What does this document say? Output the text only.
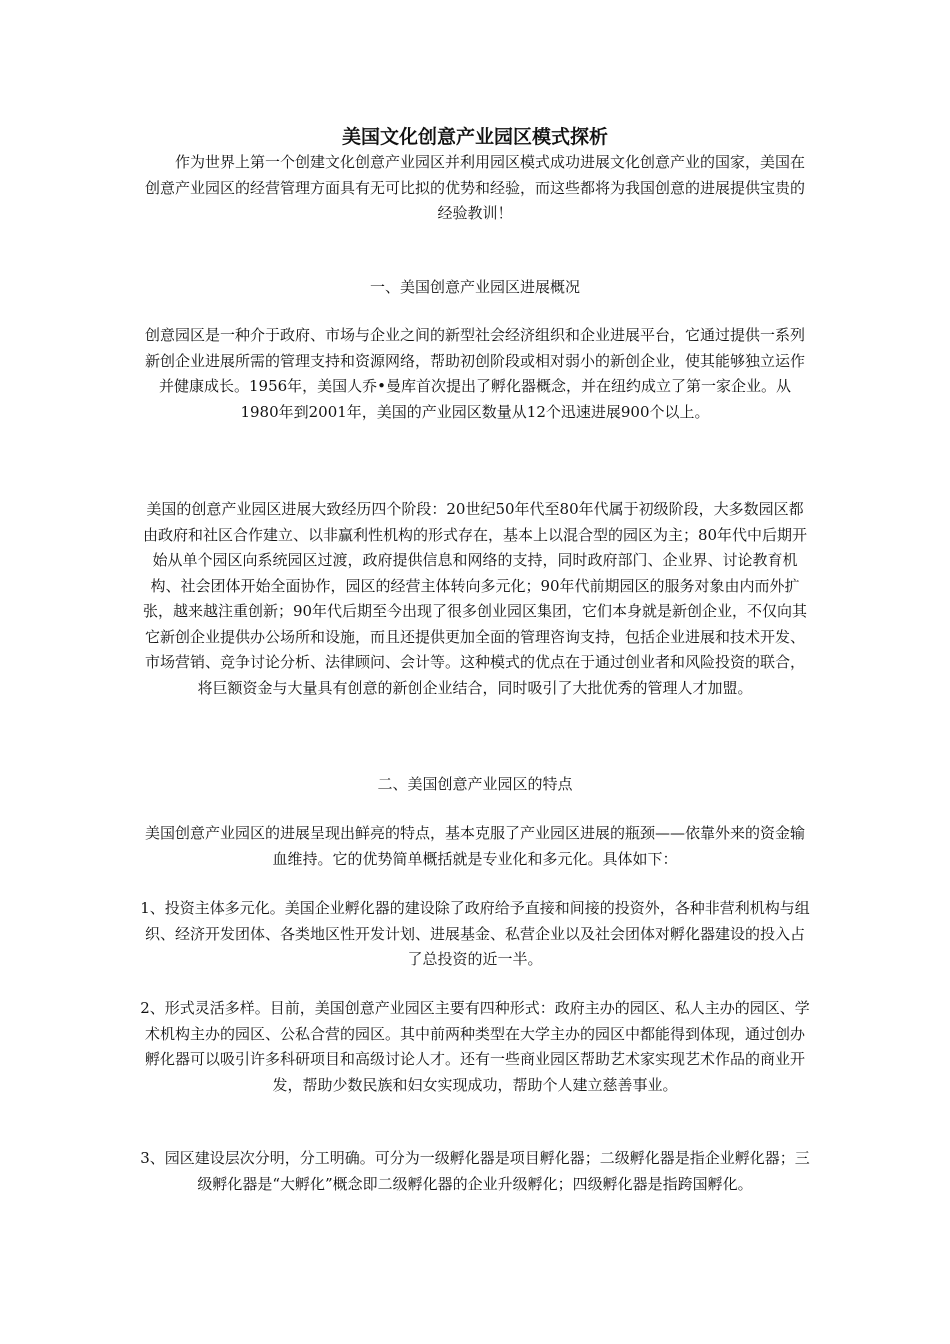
美国文化创意产业园区模式探析

作为世界上第一个创建文化创意产业园区并利用园区模式成功进展文化创意产业的国家，美国在创意产业园区的经营管理方面具有无可比拟的优势和经验，而这些都将为我国创意的进展提供宝贵的经验教训！

一、美国创意产业园区进展概况

创意园区是一种介于政府、市场与企业之间的新型社会经济组织和企业进展平台，它通过提供一系列新创企业进展所需的管理支持和资源网络，帮助初创阶段或相对弱小的新创企业，使其能够独立运作并健康成长。1956年，美国人乔•曼库首次提出了孵化器概念，并在纽约成立了第一家企业。从1980年到2001年，美国的产业园区数量从12个迅速进展900个以上。

美国的创意产业园区进展大致经历四个阶段：20世纪50年代至80年代属于初级阶段，大多数园区都由政府和社区合作建立、以非赢利性机构的形式存在，基本上以混合型的园区为主；80年代中后期开始从单个园区向系统园区过渡，政府提供信息和网络的支持，同时政府部门、企业界、讨论教育机构、社会团体开始全面协作，园区的经营主体转向多元化；90年代前期园区的服务对象由内而外扩张，越来越注重创新；90年代后期至今出现了很多创业园区集团，它们本身就是新创企业，不仅向其它新创企业提供办公场所和设施，而且还提供更加全面的管理咨询支持，包括企业进展和技术开发、市场营销、竞争讨论分析、法律顾问、会计等。这种模式的优点在于通过创业者和风险投资的联合，将巨额资金与大量具有创意的新创企业结合，同时吸引了大批优秀的管理人才加盟。

二、美国创意产业园区的特点

美国创意产业园区的进展呈现出鲜亮的特点，基本克服了产业园区进展的瓶颈——依靠外来的资金输血维持。它的优势简单概括就是专业化和多元化。具体如下：

1、投资主体多元化。美国企业孵化器的建设除了政府给予直接和间接的投资外，各种非营利机构与组织、经济开发团体、各类地区性开发计划、进展基金、私营企业以及社会团体对孵化器建设的投入占了总投资的近一半。

2、形式灵活多样。目前，美国创意产业园区主要有四种形式：政府主办的园区、私人主办的园区、学术机构主办的园区、公私合营的园区。其中前两种类型在大学主办的园区中都能得到体现，通过创办孵化器可以吸引许多科研项目和高级讨论人才。还有一些商业园区帮助艺术家实现艺术作品的商业开发，帮助少数民族和妇女实现成功，帮助个人建立慈善事业。

3、园区建设层次分明，分工明确。可分为一级孵化器是项目孵化器；二级孵化器是指企业孵化器；三级孵化器是“大孵化”概念即二级孵化器的企业升级孵化；四级孵化器是指跨国孵化。
